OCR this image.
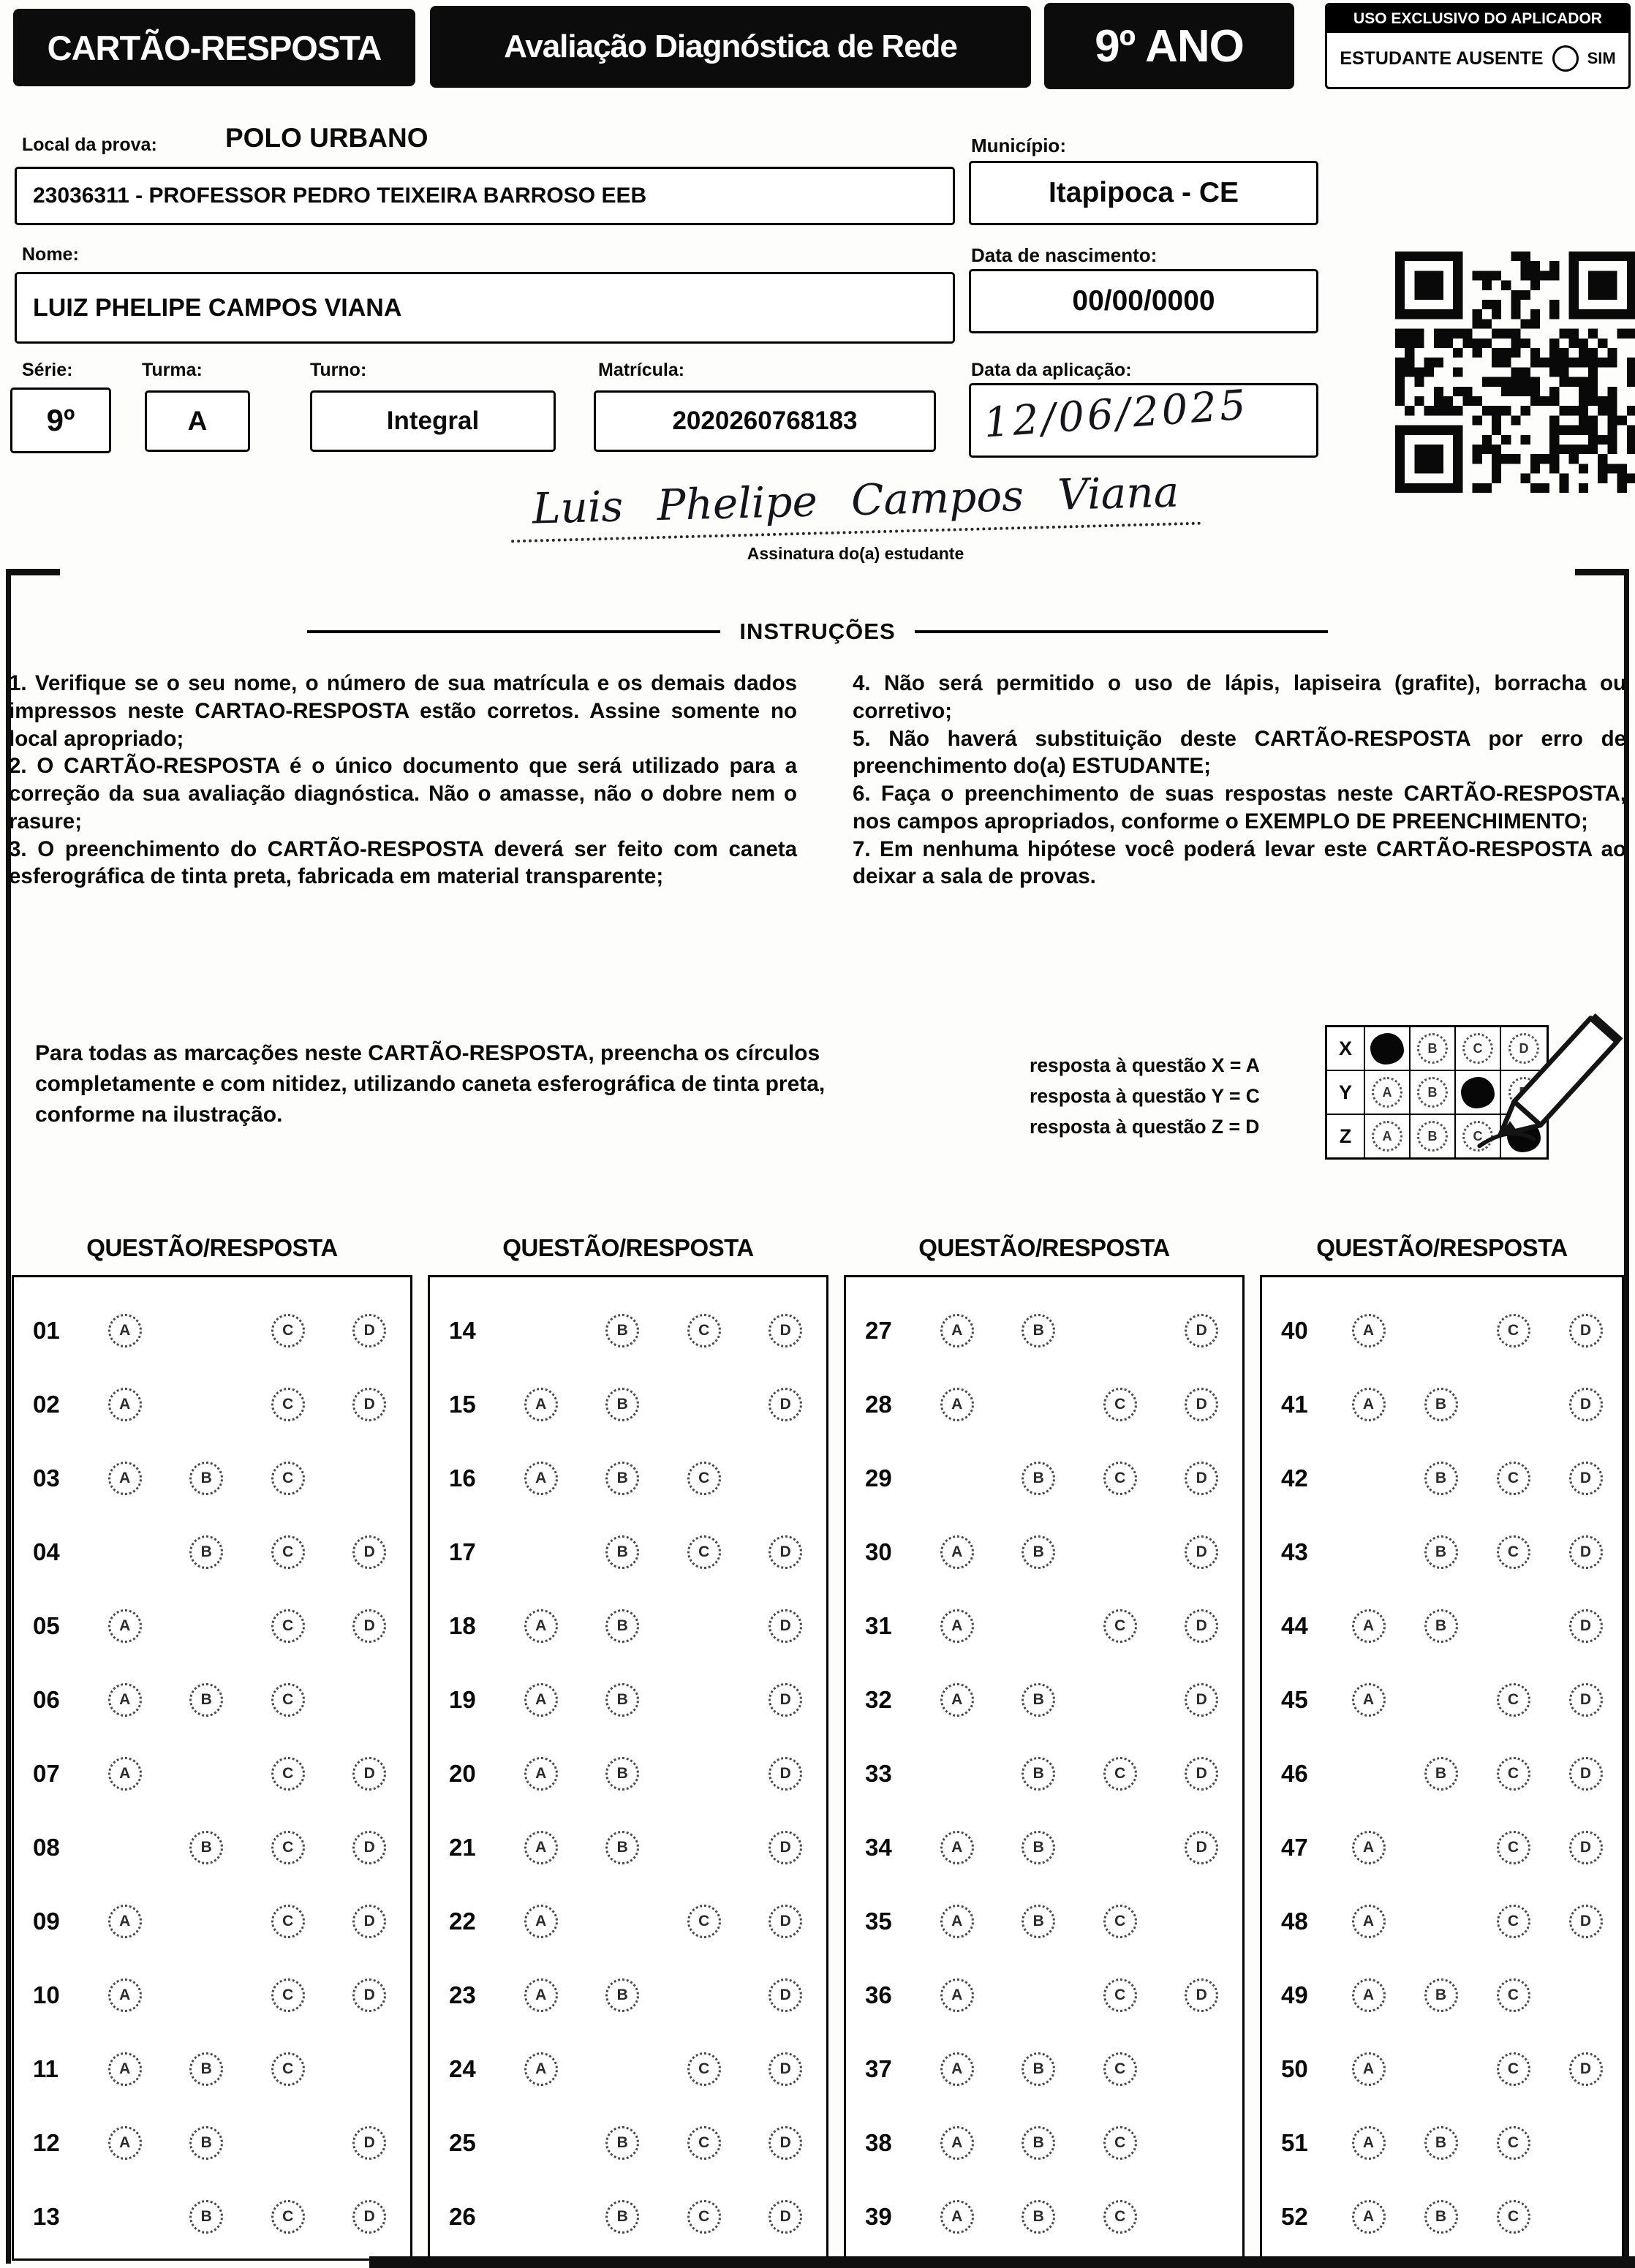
CARTÃO-RESPOSTA	Avaliação Diagnóstica de Rede	9º ANO
USO EXCLUSIVO DO APLICADOR
ESTUDANTE AUSENTE	SIM
Local da prova:	POLO URBANO	Município:
23036311 - PROFESSOR PEDRO TEIXEIRA BARROSO EEB	Itapipoca - CE
Nome:	Data de nascimento:
LUIZ PHELIPE CAMPOS VIANA	00/00/0000
Série:	Turma:	Turno:	Matrícula:	Data da aplicação:
9º	A	Integral	2020260768183	12/06/2025
Luis Phelipe Campos Viana
Assinatura do(a) estudante
INSTRUÇÕES

1. Verifique se o seu nome, o número de sua matrícula e os demais dados impressos neste CARTAO-RESPOSTA estão corretos. Assine somente no local apropriado;

2. O CARTÃO-RESPOSTA é o único documento que será utilizado para a correção da sua avaliação diagnóstica. Não o amasse, não o dobre nem o rasure;

3. O preenchimento do CARTÃO-RESPOSTA deverá ser feito com caneta esferográfica de tinta preta, fabricada em material transparente;

4. Não será permitido o uso de lápis, lapiseira (grafite), borracha ou corretivo;

5. Não haverá substituição deste CARTÃO-RESPOSTA por erro de preenchimento do(a) ESTUDANTE;

6. Faça o preenchimento de suas respostas neste CARTÃO-RESPOSTA, nos campos apropriados, conforme o EXEMPLO DE PREENCHIMENTO;

7. Em nenhuma hipótese você poderá levar este CARTÃO-RESPOSTA ao deixar a sala de provas.

Para todas as marcações neste CARTÃO-RESPOSTA, preencha os círculos completamente e com nitidez, utilizando caneta esferográfica de tinta preta, conforme na ilustração.
resposta à questão X = A
resposta à questão Y = C
resposta à questão Z = D
X	B	C	D
Y	A	B
Z	A	B	C
QUESTÃO/RESPOSTA	QUESTÃO/RESPOSTA	QUESTÃO/RESPOSTA	QUESTÃO/RESPOSTA
01	A	C	D
02	A	C	D
03	A	B	C
04	B	C	D
05	A	C	D
06	A	B	C
07	A	C	D
08	B	C	D
09	A	C	D
10	A	C	D
11	A	B	C
12	A	B	D
13	B	C	D
14	B	C	D
15	A	B	D
16	A	B	C
17	B	C	D
18	A	B	D
19	A	B	D
20	A	B	D
21	A	B	D
22	A	C	D
23	A	B	D
24	A	C	D
25	B	C	D
26	B	C	D
27	A	B	D
28	A	C	D
29	B	C	D
30	A	B	D
31	A	C	D
32	A	B	D
33	B	C	D
34	A	B	D
35	A	B	C
36	A	C	D
37	A	B	C
38	A	B	C
39	A	B	C
40	A	C	D
41	A	B	D
42	B	C	D
43	B	C	D
44	A	B	D
45	A	C	D
46	B	C	D
47	A	C	D
48	A	C	D
49	A	B	C
50	A	C	D
51	A	B	C
52	A	B	C
